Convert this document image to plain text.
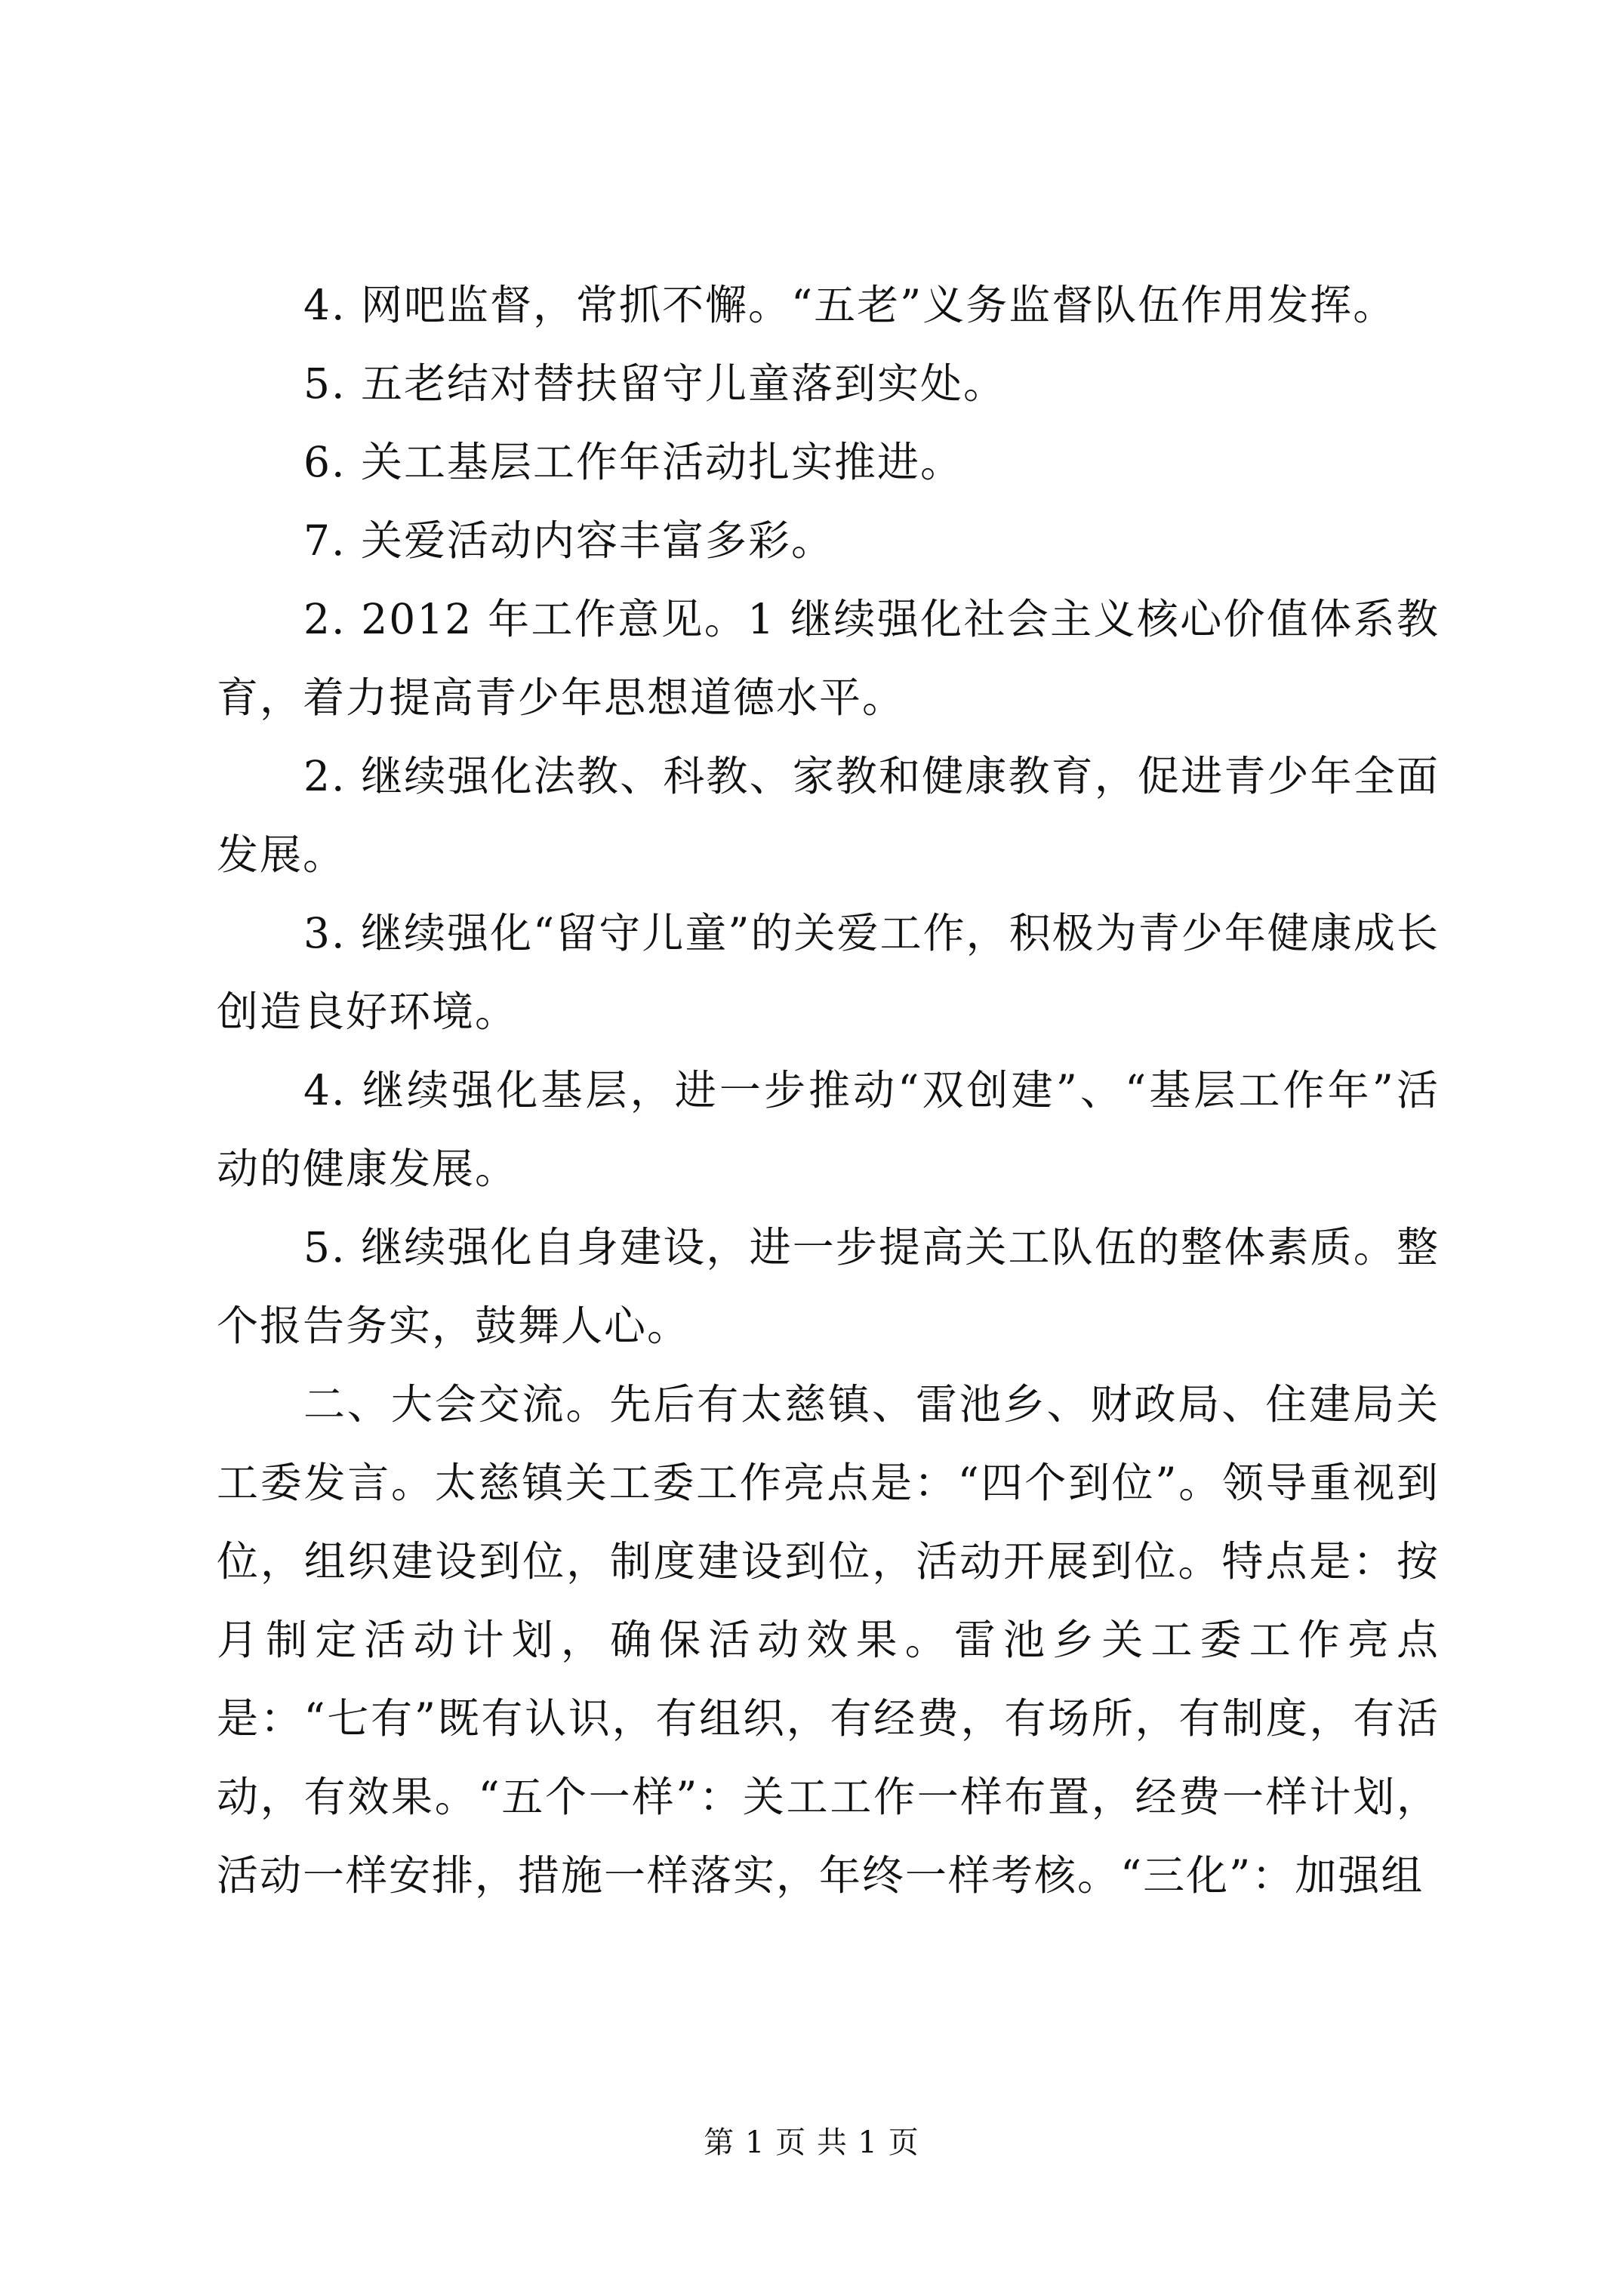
4. 网吧监督，常抓不懈。“五老”义务监督队伍作用发挥。

5. 五老结对替扶留守儿童落到实处。

6. 关工基层工作年活动扎实推进。

7. 关爱活动内容丰富多彩。

2. 2012 年工作意见。1 继续强化社会主义核心价值体系教育，着力提高青少年思想道德水平。

2. 继续强化法教、科教、家教和健康教育，促进青少年全面发展。

3. 继续强化“留守儿童”的关爱工作，积极为青少年健康成长创造良好环境。

4. 继续强化基层，进一步推动“双创建”、“基层工作年”活动的健康发展。

5. 继续强化自身建设，进一步提高关工队伍的整体素质。整个报告务实，鼓舞人心。

二、大会交流。先后有太慈镇、雷池乡、财政局、住建局关工委发言。太慈镇关工委工作亮点是：“四个到位”。领导重视到位，组织建设到位，制度建设到位，活动开展到位。特点是：按月制定活动计划，确保活动效果。雷池乡关工委工作亮点是：“七有”既有认识，有组织，有经费，有场所，有制度，有活动，有效果。“五个一样”：关工工作一样布置，经费一样计划，活动一样安排，措施一样落实，年终一样考核。“三化”：加强组

第 1 页 共 1 页
